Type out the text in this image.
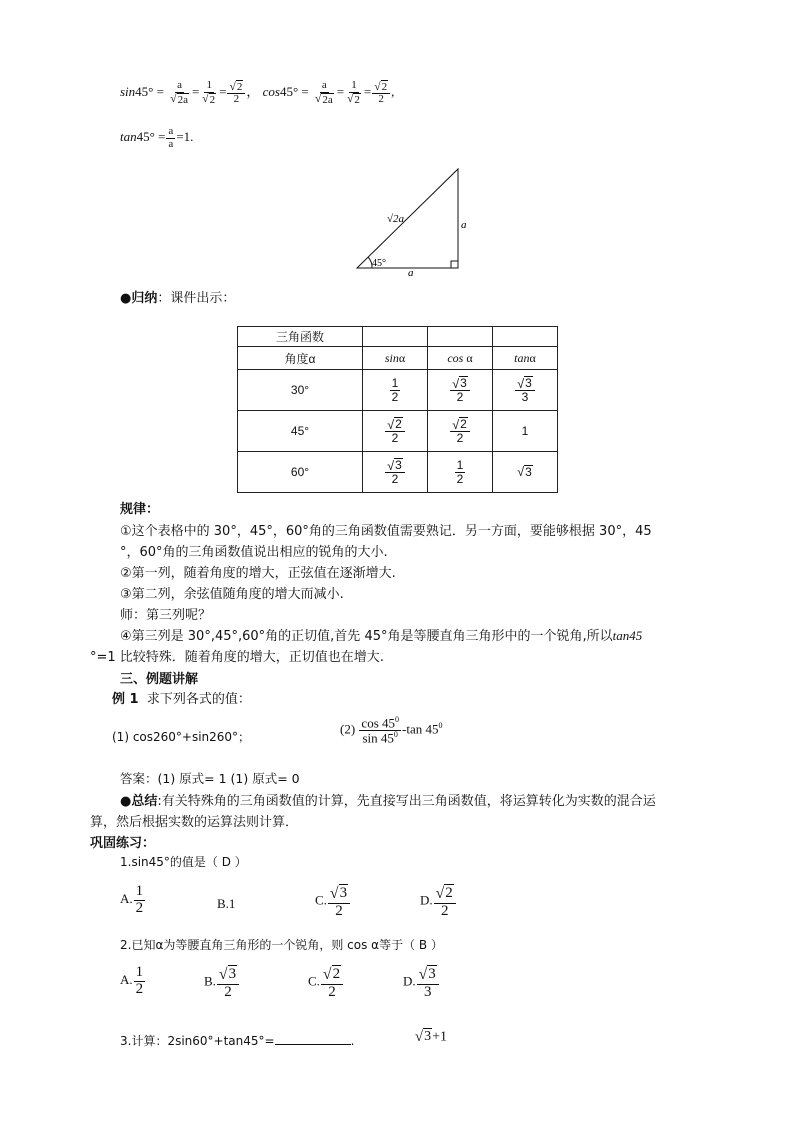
$\sin 45^\circ = \frac{a}{√ 2a} = \frac{1}{√ 2} = \frac{√ 2}{2}$ ， $\cos 45^\circ = \frac{a}{√ 2a} = \frac{1}{√ 2} = \frac{√ 2}{2}$ ,
$\tan 45^\circ = \frac{a}{a} =1$.
√2a	a
a
45°
●归纳：课件出示：
三角函数			
角度α	sinα	cos α	tanα
30°	$\frac{1}{2}$	$\frac{√ 3}{2}$	$\frac{√ 3}{3}$

45°	$\frac{√ 2}{2}$	$\frac{√ 2}{2}$	1
60°	$\frac{√ 3}{2}$	$\frac{1}{2}$	√ 3
规律：
①这个表格中的 30°，45°，60°角的三角函数值需要熟记．另一方面，要能够根据 30°，45
°，60°角的三角函数值说出相应的锐角的大小.
②第一列，随着角度的增大，正弦值在逐渐增大.
③第二列，余弦值随角度的增大而减小.
师：第三列呢？
④第三列是 30°,45°,60°角的正切值,首先 45°角是等腰直角三角形中的一个锐角,所以tan45
°=1 比较特殊．随着角度的增大，正切值也在增大.
三、例题讲解
例 1 求下列各式的值：
(1) cos260°+sin260°；
$(2) \frac{\cos 45^0}{\sin 45^0} -\tan$ $45^0$
答案：(1) 原式= 1 (1) 原式= 0
●总结:有关特殊角的三角函数值的计算，先直接写出三角函数值，将运算转化为实数的混合运
算，然后根据实数的运算法则计算．
巩固练习：
1.sin45°的值是（ D ）
A. $\frac{1}{2}$	B.1	C. $\frac{√ 3}{2}$	D. $\frac{√ 2}{2}$
2.已知α为等腰直角三角形的一个锐角，则 cos α等于（ B ）
A. $\frac{1}{2}$	B. $\frac{√ 3}{2}$	C. $\frac{√ 2}{2}$	D. $\frac{√ 3}{3}$
3.计算：2sin60°+tan45°=	.	√ 3 +1
